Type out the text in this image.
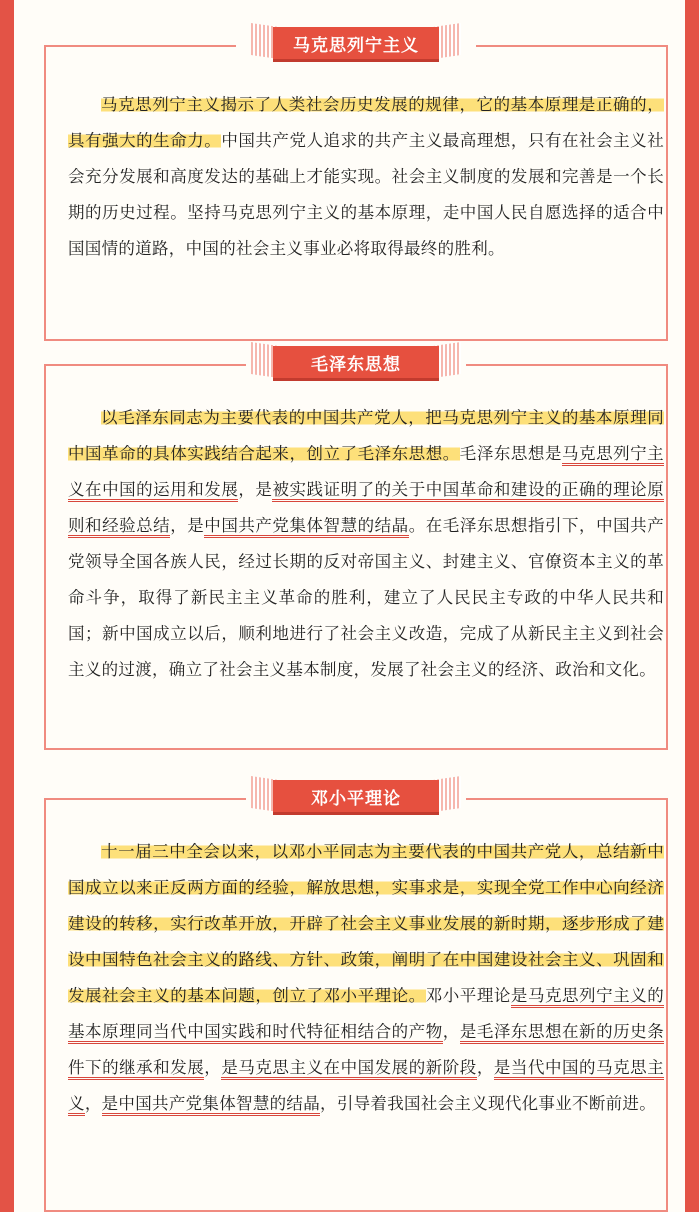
马克思列宁主义

马克思列宁主义揭示了人类社会历史发展的规律，它的基本原理是正确的，具有强大的生命力。中国共产党人追求的共产主义最高理想，只有在社会主义社会充分发展和高度发达的基础上才能实现。社会主义制度的发展和完善是一个长期的历史过程。坚持马克思列宁主义的基本原理，走中国人民自愿选择的适合中国国情的道路，中国的社会主义事业必将取得最终的胜利。

毛泽东思想

以毛泽东同志为主要代表的中国共产党人，把马克思列宁主义的基本原理同中国革命的具体实践结合起来，创立了毛泽东思想。毛泽东思想是马克思列宁主义在中国的运用和发展，是被实践证明了的关于中国革命和建设的正确的理论原则和经验总结，是中国共产党集体智慧的结晶。在毛泽东思想指引下，中国共产党领导全国各族人民，经过长期的反对帝国主义、封建主义、官僚资本主义的革命斗争，取得了新民主主义革命的胜利，建立了人民民主专政的中华人民共和国；新中国成立以后，顺利地进行了社会主义改造，完成了从新民主主义到社会主义的过渡，确立了社会主义基本制度，发展了社会主义的经济、政治和文化。

邓小平理论

十一届三中全会以来，以邓小平同志为主要代表的中国共产党人，总结新中国成立以来正反两方面的经验，解放思想，实事求是，实现全党工作中心向经济建设的转移，实行改革开放，开辟了社会主义事业发展的新时期，逐步形成了建设中国特色社会主义的路线、方针、政策，阐明了在中国建设社会主义、巩固和发展社会主义的基本问题，创立了邓小平理论。邓小平理论是马克思列宁主义的基本原理同当代中国实践和时代特征相结合的产物，是毛泽东思想在新的历史条件下的继承和发展，是马克思主义在中国发展的新阶段，是当代中国的马克思主义，是中国共产党集体智慧的结晶，引导着我国社会主义现代化事业不断前进。
